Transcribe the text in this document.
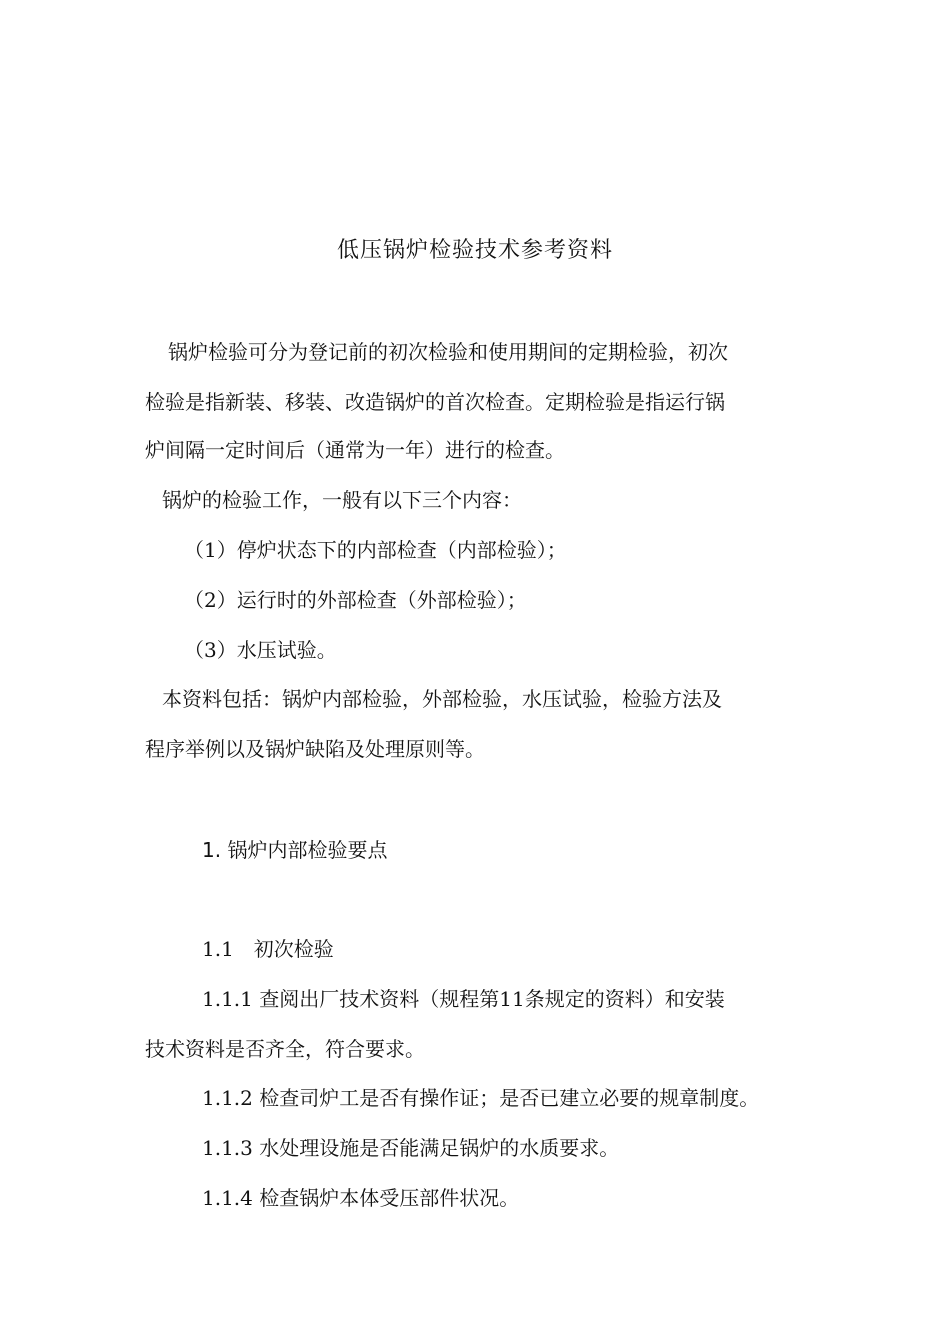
低压锅炉检验技术参考资料
锅炉检验可分为登记前的初次检验和使用期间的定期检验，初次
检验是指新装、移装、改造锅炉的首次检查。定期检验是指运行锅
炉间隔一定时间后（通常为一年）进行的检查。
锅炉的检验工作，一般有以下三个内容：
（1）停炉状态下的内部检查（内部检验）；
（2）运行时的外部检查（外部检验）；
（3）水压试验。
本资料包括：锅炉内部检验，外部检验，水压试验，检验方法及
程序举例以及锅炉缺陷及处理原则等。
1. 锅炉内部检验要点
1.1　初次检验
1.1.1 查阅出厂技术资料（规程第11条规定的资料）和安装
技术资料是否齐全，符合要求。
1.1.2 检查司炉工是否有操作证；是否已建立必要的规章制度。
1.1.3 水处理设施是否能满足锅炉的水质要求。
1.1.4 检查锅炉本体受压部件状况。
